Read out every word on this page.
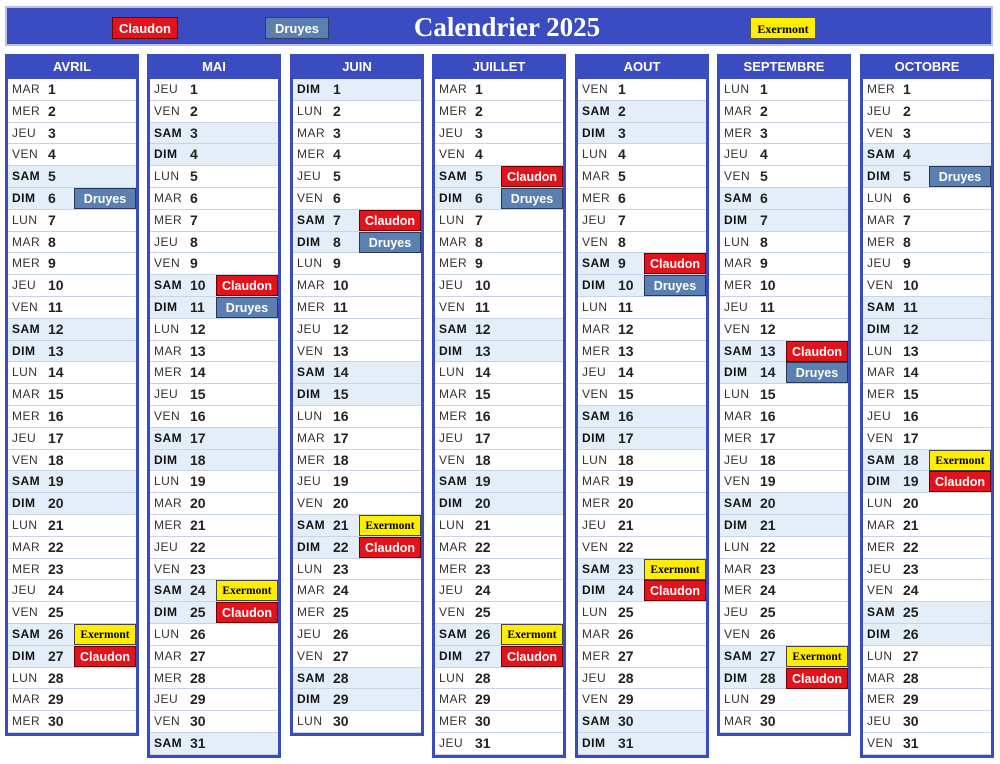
Claudon	Druyes	Calendrier 2025	Exermont
AVRIL
MAR 1
MER 2
JEU 3
VEN 4
SAM 5
DIM 6	Druyes
LUN 7
MAR 8
MER 9
JEU 10
VEN 11
SAM 12
DIM 13
LUN 14
MAR 15
MER 16
JEU 17
VEN 18
SAM 19
DIM 20
LUN 21
MAR 22
MER 23
JEU 24
VEN 25
SAM 26	Exermont
DIM 27	Claudon
LUN 28
MAR 29
MER 30
MAI
JEU 1
VEN 2
SAM 3
DIM 4
LUN 5
MAR 6
MER 7
JEU 8
VEN 9
SAM 10	Claudon
DIM 11	Druyes
LUN 12
MAR 13
MER 14
JEU 15
VEN 16
SAM 17
DIM 18
LUN 19
MAR 20
MER 21
JEU 22
VEN 23
SAM 24	Exermont
DIM 25	Claudon
LUN 26
MAR 27
MER 28
JEU 29
VEN 30
SAM 31
JUIN
DIM 1
LUN 2
MAR 3
MER 4
JEU 5
VEN 6
SAM 7	Claudon
DIM 8	Druyes
LUN 9
MAR 10
MER 11
JEU 12
VEN 13
SAM 14
DIM 15
LUN 16
MAR 17
MER 18
JEU 19
VEN 20
SAM 21	Exermont
DIM 22	Claudon
LUN 23
MAR 24
MER 25
JEU 26
VEN 27
SAM 28
DIM 29
LUN 30
JUILLET
MAR 1
MER 2
JEU 3
VEN 4
SAM 5	Claudon
DIM 6	Druyes
LUN 7
MAR 8
MER 9
JEU 10
VEN 11
SAM 12
DIM 13
LUN 14
MAR 15
MER 16
JEU 17
VEN 18
SAM 19
DIM 20
LUN 21
MAR 22
MER 23
JEU 24
VEN 25
SAM 26	Exermont
DIM 27	Claudon
LUN 28
MAR 29
MER 30
JEU 31
AOUT
VEN 1
SAM 2
DIM 3
LUN 4
MAR 5
MER 6
JEU 7
VEN 8
SAM 9	Claudon
DIM 10	Druyes
LUN 11
MAR 12
MER 13
JEU 14
VEN 15
SAM 16
DIM 17
LUN 18
MAR 19
MER 20
JEU 21
VEN 22
SAM 23	Exermont
DIM 24	Claudon
LUN 25
MAR 26
MER 27
JEU 28
VEN 29
SAM 30
DIM 31
SEPTEMBRE
LUN 1
MAR 2
MER 3
JEU 4
VEN 5
SAM 6
DIM 7
LUN 8
MAR 9
MER 10
JEU 11
VEN 12
SAM 13	Claudon
DIM 14	Druyes
LUN 15
MAR 16
MER 17
JEU 18
VEN 19
SAM 20
DIM 21
LUN 22
MAR 23
MER 24
JEU 25
VEN 26
SAM 27	Exermont
DIM 28	Claudon
LUN 29
MAR 30
OCTOBRE
MER 1
JEU 2
VEN 3
SAM 4
DIM 5	Druyes
LUN 6
MAR 7
MER 8
JEU 9
VEN 10
SAM 11
DIM 12
LUN 13
MAR 14
MER 15
JEU 16
VEN 17
SAM 18	Exermont
DIM 19	Claudon
LUN 20
MAR 21
MER 22
JEU 23
VEN 24
SAM 25
DIM 26
LUN 27
MAR 28
MER 29
JEU 30
VEN 31
